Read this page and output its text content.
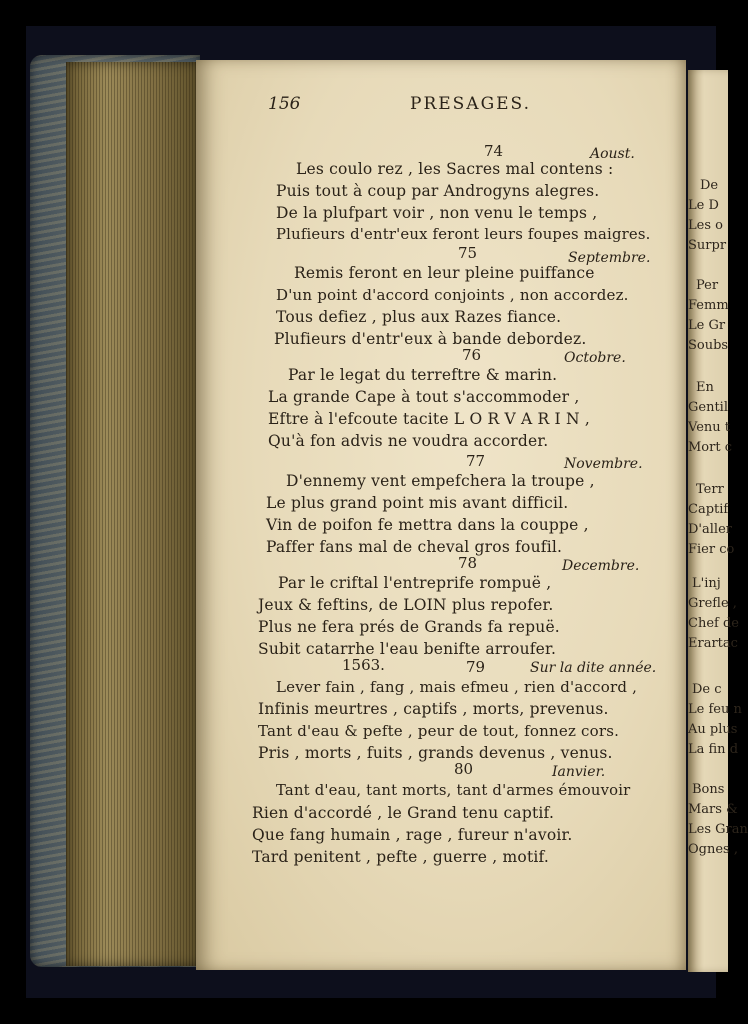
156	PRESAGES.
74	Aoust.
Les coulo rez , les Sacres mal contens :
Puis tout à coup par Androgyns alegres.
De la plufpart voir , non venu le temps ,
Plufieurs d'entr'eux feront leurs foupes maigres.
75	Septembre.
Remis feront en leur pleine puiffance
D'un point d'accord conjoints , non accordez.
Tous defiez , plus aux Razes fiance.
Plufieurs d'entr'eux à bande debordez.
76	Octobre.
Par le legat du terreftre & marin.
La grande Cape à tout s'accommoder ,
Eftre à l'efcoute tacite L O R V A R I N ,
Qu'à fon advis ne voudra accorder.
77	Novembre.
D'ennemy vent empefchera la troupe ,
Le plus grand point mis avant difficil.
Vin de poifon fe mettra dans la couppe ,
Paffer fans mal de cheval gros foufil.
78	Decembre.
Par le criftal l'entreprife rompuë ,
Jeux & feftins, de LOIN plus repofer.
Plus ne fera prés de Grands fa repuë.
Subit catarrhe l'eau benifte arroufer.
1563.	79	Sur la dite année.
Lever fain , fang , mais efmeu , rien d'accord ,
Infinis meurtres , captifs , morts, prevenus.
Tant d'eau & pefte , peur de tout, fonnez cors.
Pris , morts , fuits , grands devenus , venus.
80	Ianvier.
Tant d'eau, tant morts, tant d'armes émouvoir
Rien d'accordé , le Grand tenu captif.
Que fang humain , rage , fureur n'avoir.
Tard penitent , pefte , guerre , motif.
De
Le D
Les o
Surpr
Per
Femm
Le Gr
Soubs
En
Gentil
Venu t
Mort c
Terr
Captif
D'aller
Fier co
L'inj
Grefle ,
Chef de
Erartac
De c
Le feu n
Au plus
La fin d
Bons
Mars &
Les Gran
Ognes ,
